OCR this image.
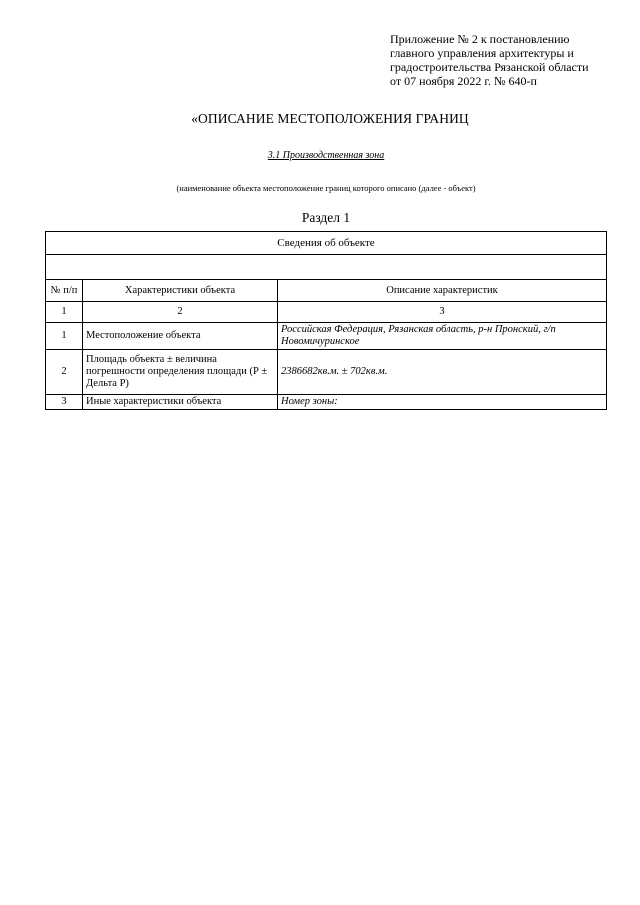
Приложение № 2 к постановлению
главного управления архитектуры и
градостроительства Рязанской области
от 07 ноября 2022 г. № 640-п
«ОПИСАНИЕ МЕСТОПОЛОЖЕНИЯ ГРАНИЦ
3.1 Производственная зона
(наименование объекта местоположение границ которого описано (далее - объект)
Раздел 1
Сведения об объекте		

№ п/п	Характеристики объекта	Описание характеристик
1	2	3
1	Местоположение объекта	Российская Федерация, Рязанская область, р-н Пронский, г/п Новомичуринское
2	Площадь объекта ± величина погрешности определения площади (Р ± Дельта Р)	2386682кв.м. ± 702кв.м.
3	Иные характеристики объекта	Номер зоны:
